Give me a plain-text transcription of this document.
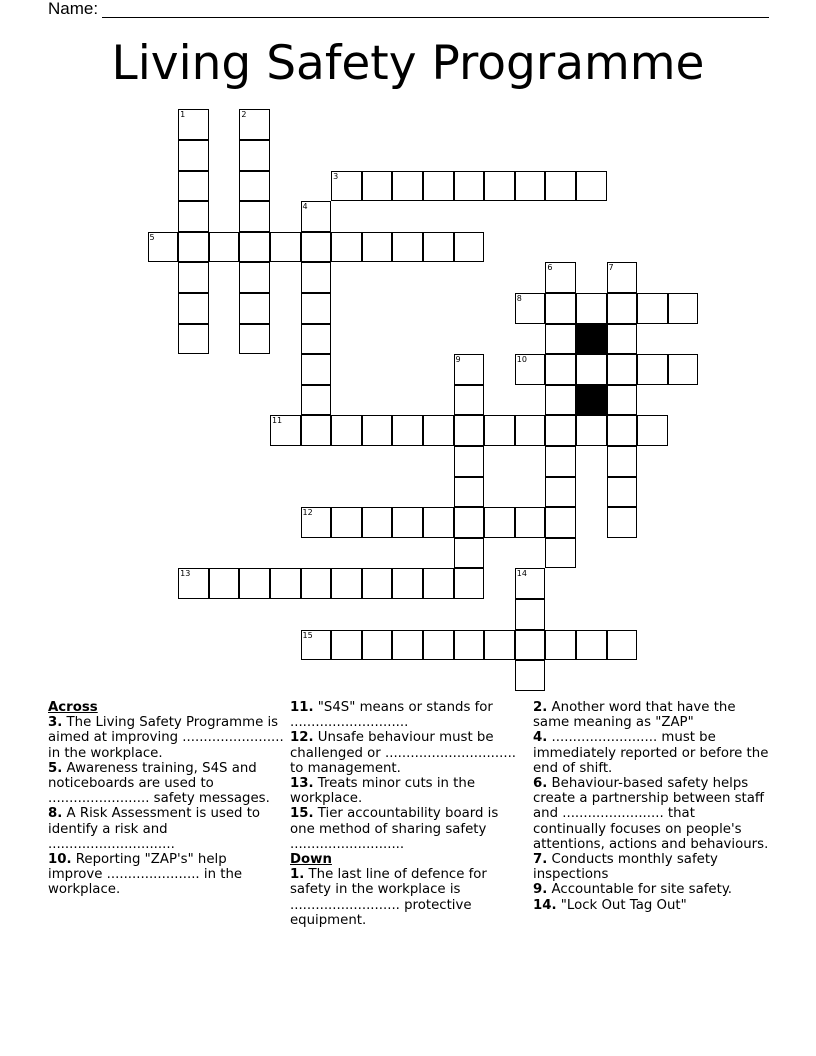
Name:
Living Safety Programme
1	2
3
4
5
6	7
8
9	10
11
12
13	14
15
Across
3. The Living Safety Programme is aimed at improving ........................ in the workplace.
5. Awareness training, S4S and noticeboards are used to ........................ safety messages.
8. A Risk Assessment is used to identify a risk and ..............................
10. Reporting "ZAP's" help improve ...................... in the workplace.
11. "S4S" means or stands for ............................
12. Unsafe behaviour must be challenged or ............................... to management.
13. Treats minor cuts in the workplace.
15. Tier accountability board is one method of sharing safety ...........................
Down
1. The last line of defence for safety in the workplace is .......................... protective equipment.
2. Another word that have the same meaning as "ZAP"
4. ......................... must be immediately reported or before the end of shift.
6. Behaviour-based safety helps create a partnership between staff and ........................ that continually focuses on people's attentions, actions and behaviours.
7. Conducts monthly safety inspections
9. Accountable for site safety.
14. "Lock Out Tag Out"
